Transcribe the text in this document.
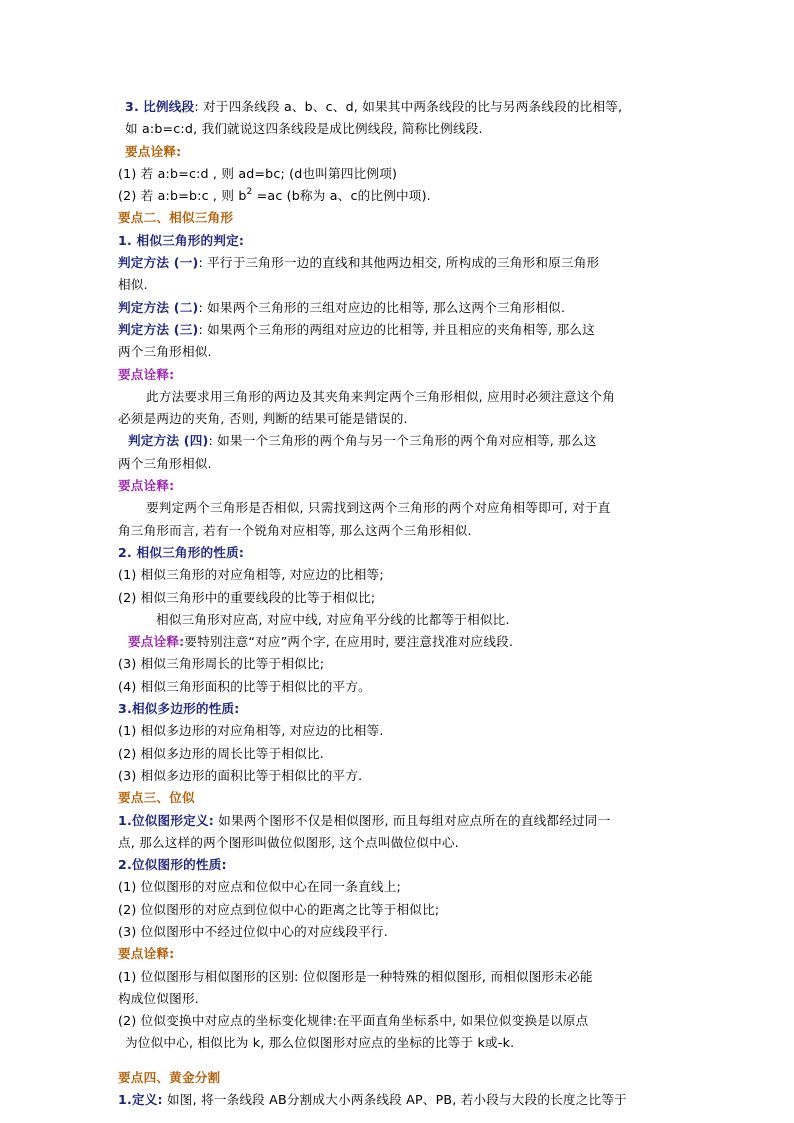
3. 比例线段: 对于四条线段 a、b、c、d, 如果其中两条线段的比与另两条线段的比相等,
如 a:b=c:d, 我们就说这四条线段是成比例线段, 简称比例线段.
要点诠释:
(1) 若 a:b=c:d , 则 ad=bc; (d也叫第四比例项)
(2) 若 a:b=b:c , 则 $b^2 =ac$ (b称为 a、c的比例中项).
要点二、相似三角形
1. 相似三角形的判定:
判定方法 (一): 平行于三角形一边的直线和其他两边相交, 所构成的三角形和原三角形
相似.
判定方法 (二): 如果两个三角形的三组对应边的比相等, 那么这两个三角形相似.
判定方法 (三): 如果两个三角形的两组对应边的比相等, 并且相应的夹角相等, 那么这
两个三角形相似.
要点诠释:
此方法要求用三角形的两边及其夹角来判定两个三角形相似, 应用时必须注意这个角
必须是两边的夹角, 否则, 判断的结果可能是错误的.
判定方法 (四): 如果一个三角形的两个角与另一个三角形的两个角对应相等, 那么这
两个三角形相似.
要点诠释:
要判定两个三角形是否相似, 只需找到这两个三角形的两个对应角相等即可, 对于直
角三角形而言, 若有一个锐角对应相等, 那么这两个三角形相似.
2. 相似三角形的性质:
(1) 相似三角形的对应角相等, 对应边的比相等;
(2) 相似三角形中的重要线段的比等于相似比;
相似三角形对应高, 对应中线, 对应角平分线的比都等于相似比.
要点诠释:要特别注意“对应”两个字, 在应用时, 要注意找准对应线段.
(3) 相似三角形周长的比等于相似比;
(4) 相似三角形面积的比等于相似比的平方。
3.相似多边形的性质:
(1) 相似多边形的对应角相等, 对应边的比相等.
(2) 相似多边形的周长比等于相似比.
(3) 相似多边形的面积比等于相似比的平方.
要点三、位似
1.位似图形定义: 如果两个图形不仅是相似图形, 而且每组对应点所在的直线都经过同一
点, 那么这样的两个图形叫做位似图形, 这个点叫做位似中心.
2.位似图形的性质:
(1) 位似图形的对应点和位似中心在同一条直线上;
(2) 位似图形的对应点到位似中心的距离之比等于相似比;
(3) 位似图形中不经过位似中心的对应线段平行.
要点诠释:
(1) 位似图形与相似图形的区别: 位似图形是一种特殊的相似图形, 而相似图形未必能
构成位似图形.
(2) 位似变换中对应点的坐标变化规律:在平面直角坐标系中, 如果位似变换是以原点
为位似中心, 相似比为 k, 那么位似图形对应点的坐标的比等于 k或-k.
要点四、黄金分割
1.定义: 如图, 将一条线段 AB分割成大小两条线段 AP、PB, 若小段与大段的长度之比等于
